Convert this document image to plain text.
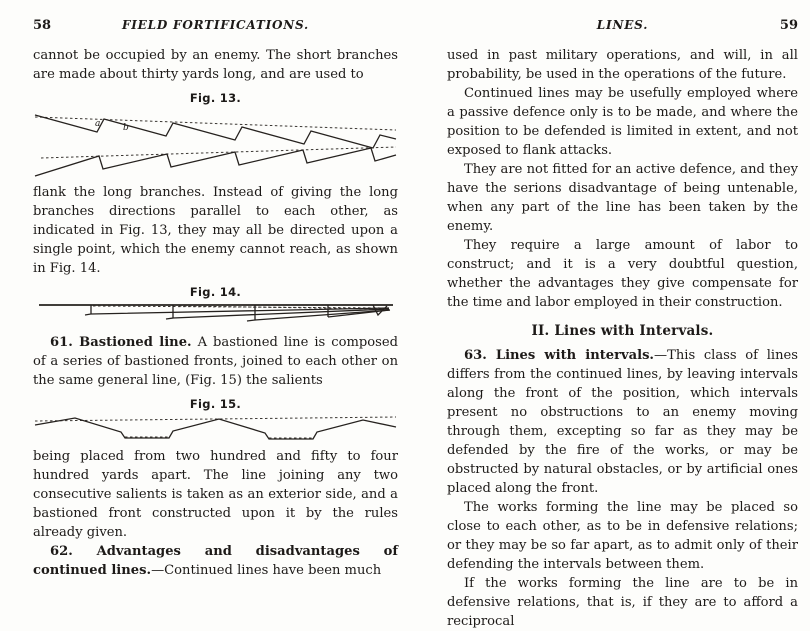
58	FIELD FORTIFICATIONS.

cannot be occupied by an enemy. The short branches are made about thirty yards long, and are used to

Fig. 13.
a	b

flank the long branches. Instead of giving the long branches directions parallel to each other, as indicated in Fig. 13, they may all be directed upon a single point, which the enemy cannot reach, as shown in Fig. 14.

Fig. 14.

61. Bastioned line. A bastioned line is composed of a series of bastioned fronts, joined to each other on the same general line, (Fig. 15) the salients

Fig. 15.

being placed from two hundred and fifty to four hundred yards apart. The line joining any two consecutive salients is taken as an exterior side, and a bastioned front constructed upon it by the rules already given.

62. Advantages and disadvantages of continued lines.—Continued lines have been much

LINES.	59

used in past military operations, and will, in all probability, be used in the operations of the future.

Continued lines may be usefully employed where a passive defence only is to be made, and where the position to be defended is limited in extent, and not exposed to flank attacks.

They are not fitted for an active defence, and they have the serions disadvantage of being untenable, when any part of the line has been taken by the enemy.

They require a large amount of labor to construct; and it is a very doubtful question, whether the advantages they give compensate for the time and labor employed in their construction.

II. Lines with Intervals.

63. Lines with intervals.—This class of lines differs from the continued lines, by leaving intervals along the front of the position, which intervals present no obstructions to an enemy moving through them, excepting so far as they may be defended by the fire of the works, or may be obstructed by natural obstacles, or by artificial ones placed along the front.

The works forming the line may be placed so close to each other, as to be in defensive relations; or they may be so far apart, as to admit only of their defending the intervals between them.

If the works forming the line are to be in defensive relations, that is, if they are to afford a reciprocal
